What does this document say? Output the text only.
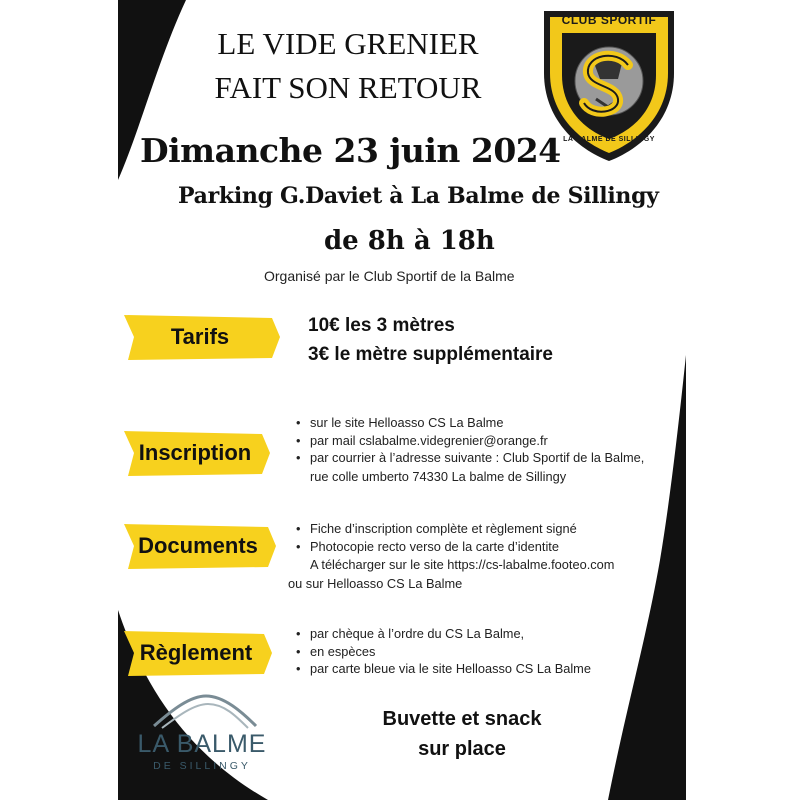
LE VIDE GRENIER
FAIT SON RETOUR
CLUB SPORTIF
LA BALME DE SILLINGY
Dimanche 23 juin 2024
Parking G.Daviet à La Balme de Sillingy
de 8h à 18h
Organisé par le Club Sportif de la Balme
Tarifs	10€ les 3 mètres
3€ le mètre supplémentaire
Inscription
• sur le site Helloasso CS La Balme
• par mail cslabalme.videgrenier@orange.fr
• par courrier à l’adresse suivante : Club Sportif de la Balme,
rue colle umberto 74330 La balme de Sillingy
Documents
• Fiche d’inscription complète et règlement signé
• Photocopie recto verso de la carte d’identite
A télécharger sur le site https://cs-labalme.footeo.com
ou sur Helloasso CS La Balme
Règlement
• par chèque à l’ordre du CS La Balme,
• en espèces
• par carte bleue via le site Helloasso CS La Balme
LA BALME
DE SILLINGY
Buvette et snack
sur place
